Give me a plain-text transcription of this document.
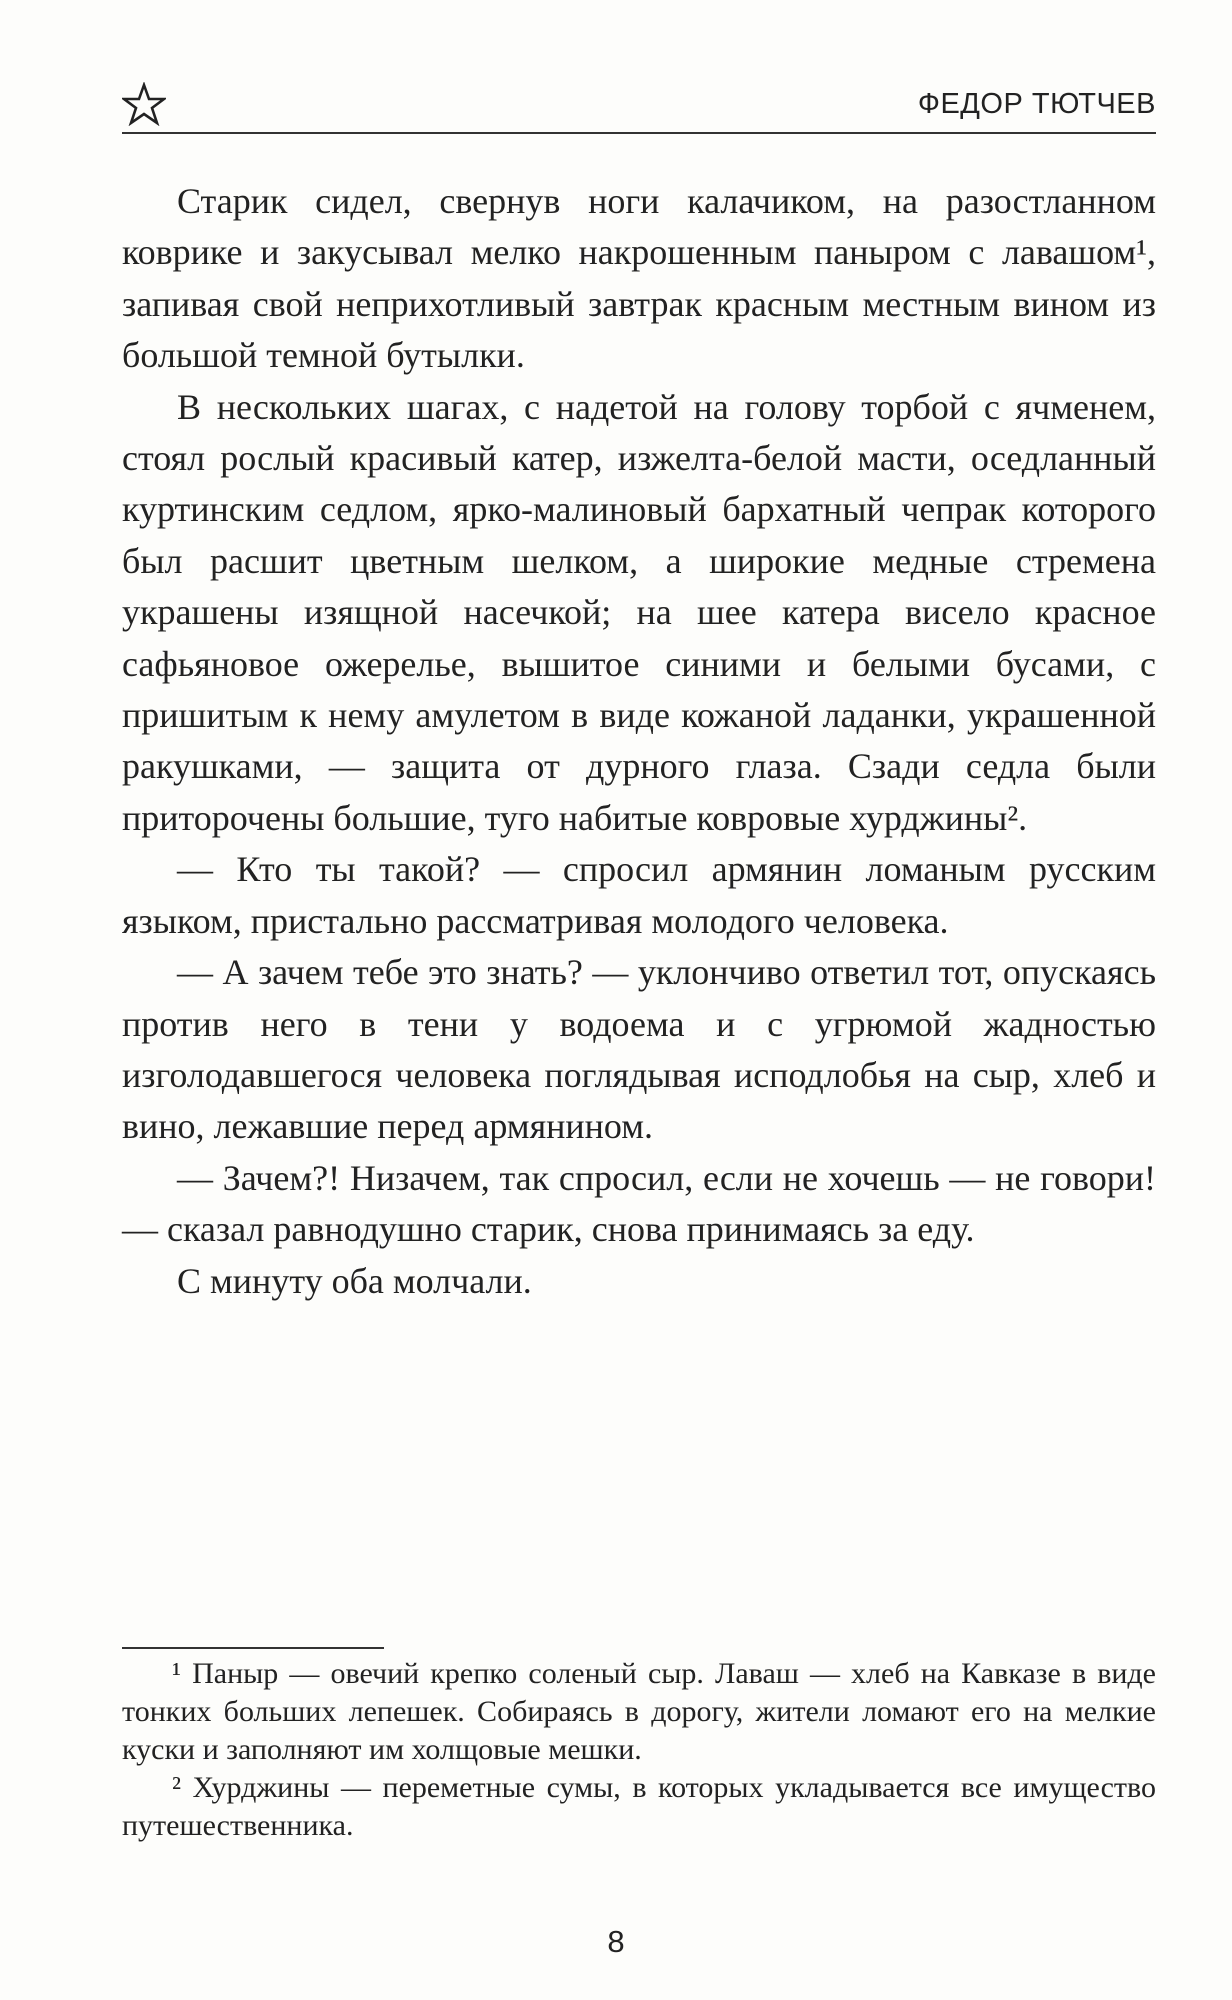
ФЕДОР ТЮТЧЕВ

Старик сидел, свернув ноги калачиком, на разостланном коврике и закусывал мелко накрошенным паныром с лавашом¹, запивая свой неприхотливый завтрак красным местным вином из большой темной бутылки.

В нескольких шагах, с надетой на голову торбой с ячменем, стоял рослый красивый катер, изжелта-белой масти, оседланный куртинским седлом, ярко-малиновый бархатный чепрак которого был расшит цветным шелком, а широкие медные стремена украшены изящной насечкой; на шее катера висело красное сафьяновое ожерелье, вышитое синими и белыми бусами, с пришитым к нему амулетом в виде кожаной ладанки, украшенной ракушками, — защита от дурного глаза. Сзади седла были приторочены большие, туго набитые ковровые хурджины².

— Кто ты такой? — спросил армянин ломаным русским языком, пристально рассматривая молодого человека.

— А зачем тебе это знать? — уклончиво ответил тот, опускаясь против него в тени у водоема и с угрюмой жадностью изголодавшегося человека поглядывая исподлобья на сыр, хлеб и вино, лежавшие перед армянином.

— Зачем?! Низачем, так спросил, если не хочешь — не говори! — сказал равнодушно старик, снова принимаясь за еду.

С минуту оба молчали.

¹ Паныр — овечий крепко соленый сыр. Лаваш — хлеб на Кавказе в виде тонких больших лепешек. Собираясь в дорогу, жители ломают его на мелкие куски и заполняют им холщовые мешки.

² Хурджины — переметные сумы, в которых укладывается все имущество путешественника.

8
